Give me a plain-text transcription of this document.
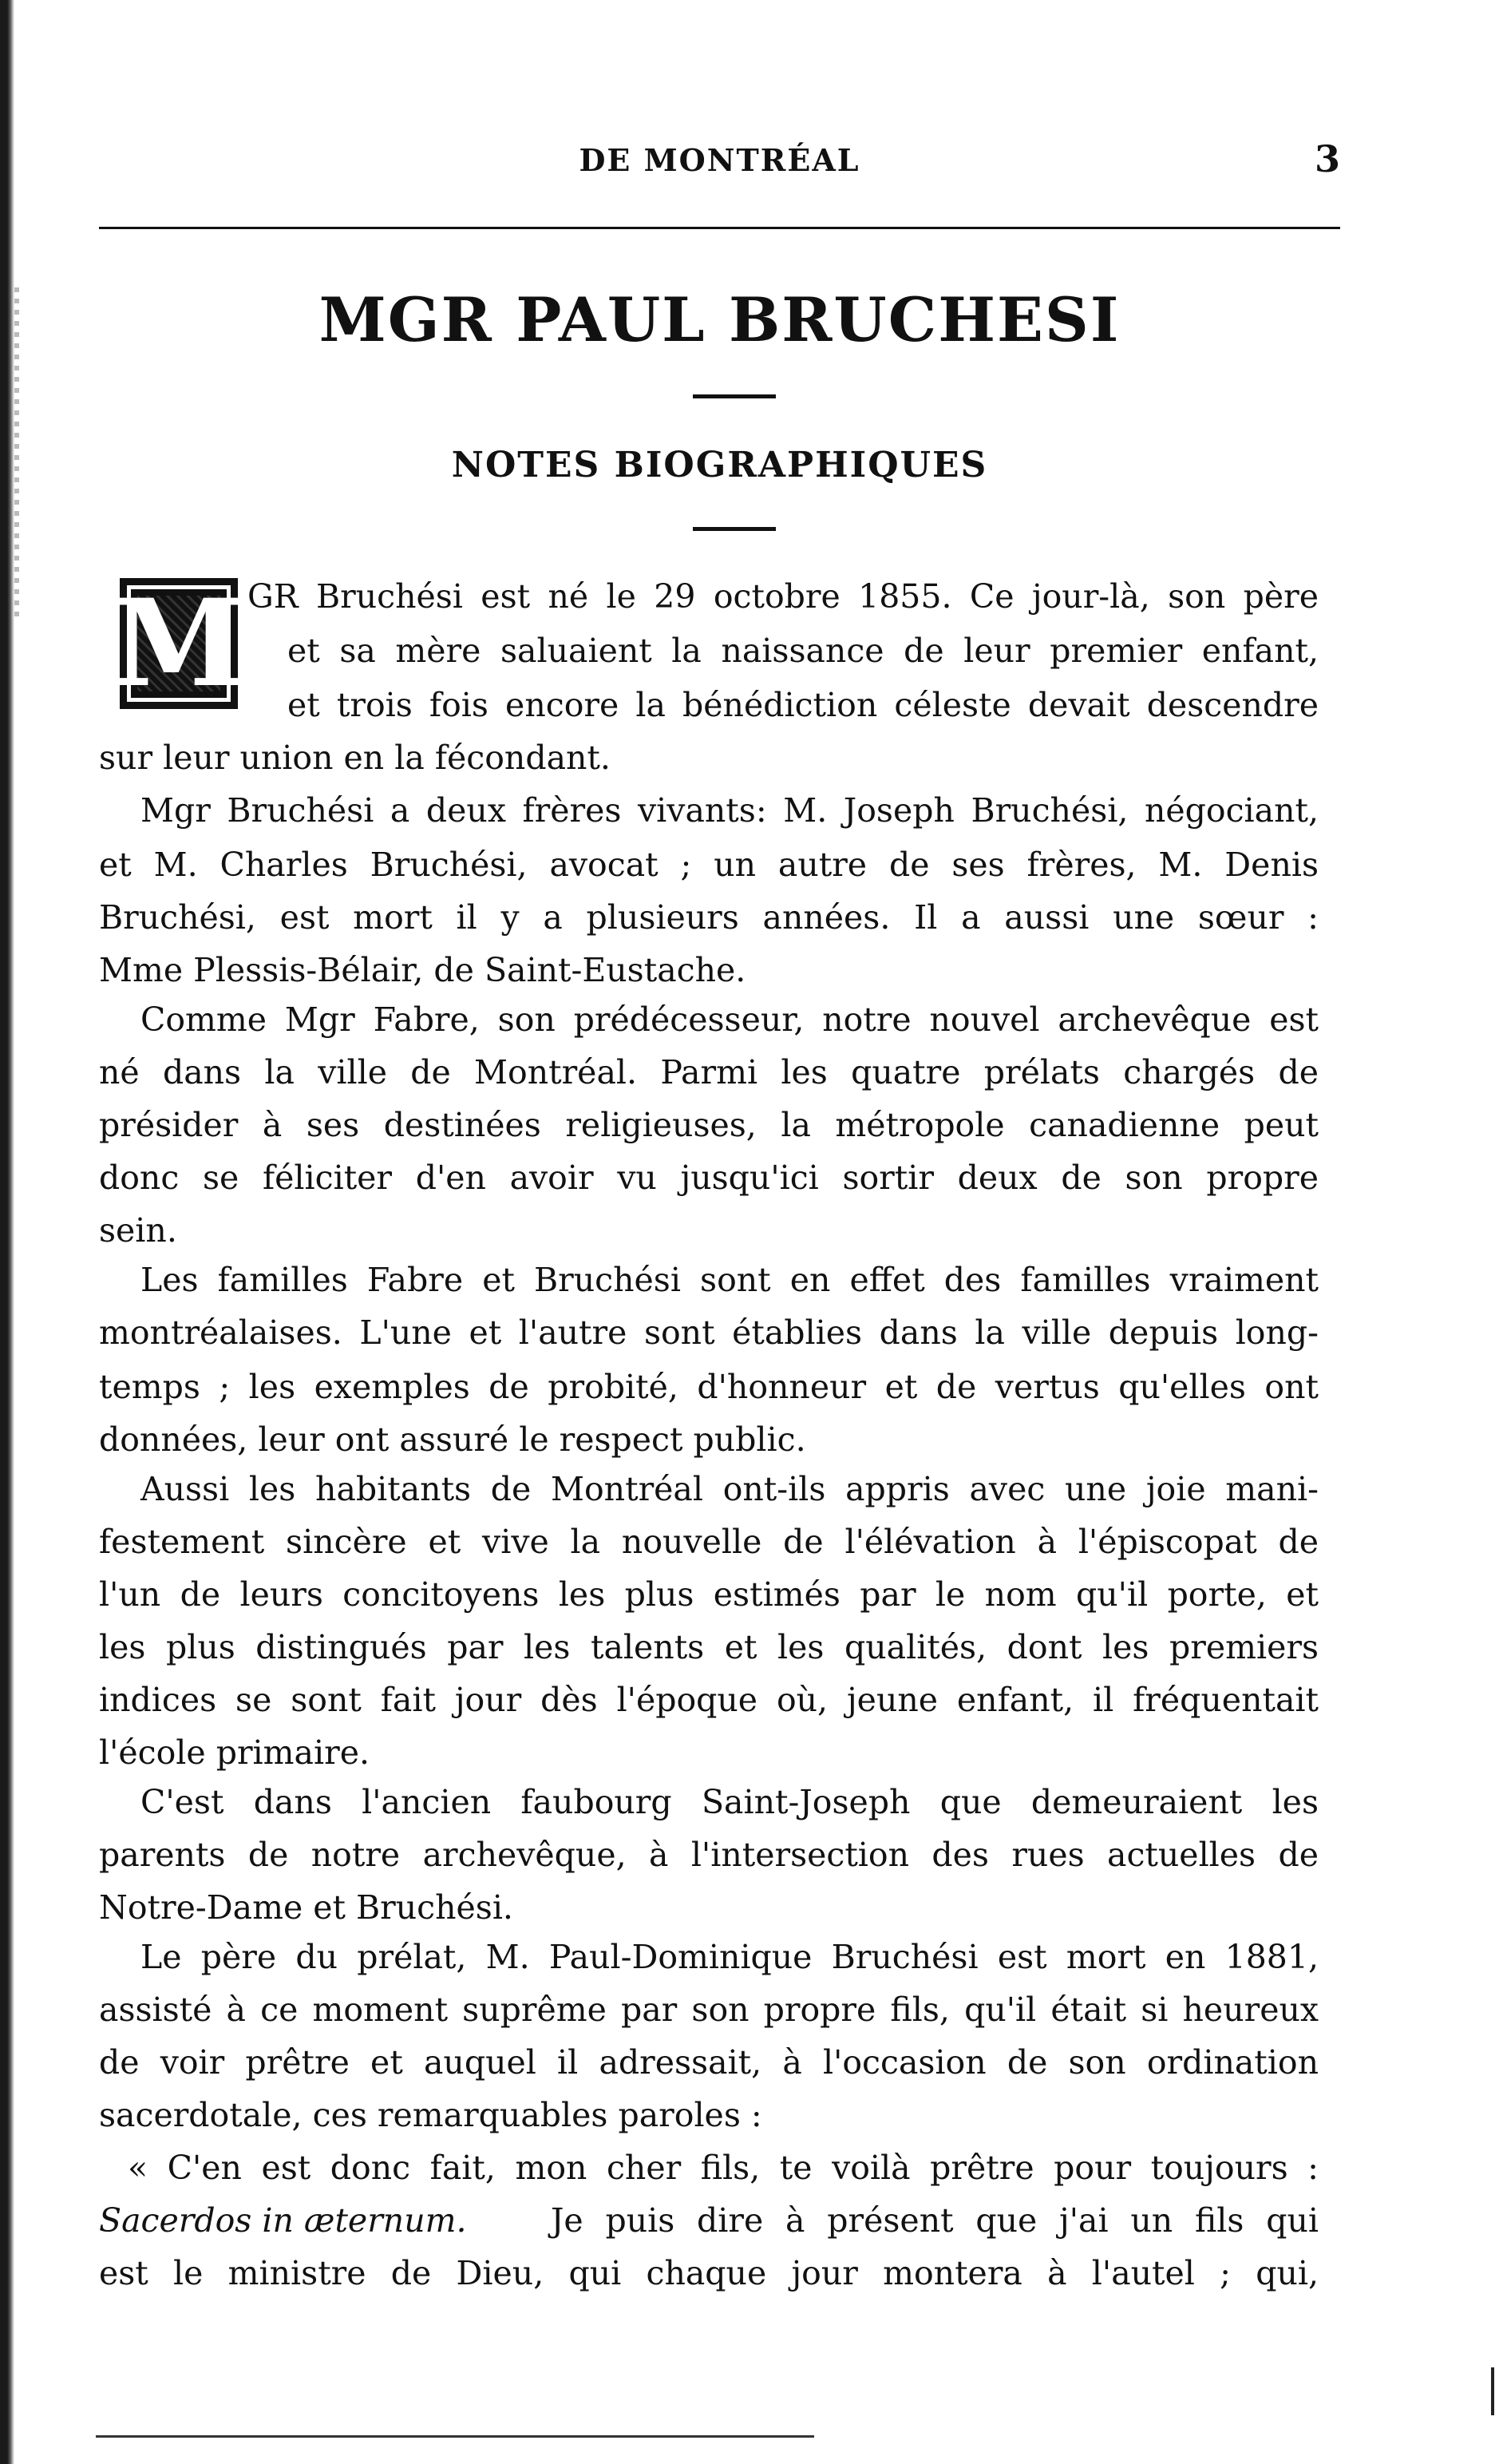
DE MONTRÉAL	3
MGR PAUL BRUCHESI
NOTES BIOGRAPHIQUES
M GR Bruchési est né le 29 octobre 1855. Ce jour-là, son père
et sa mère saluaient la naissance de leur premier enfant,
et trois fois encore la bénédiction céleste devait descendre
sur leur union en la fécondant.
Mgr Bruchési a deux frères vivants: M. Joseph Bruchési, négociant,
et M. Charles Bruchési, avocat ; un autre de ses frères, M. Denis
Bruchési, est mort il y a plusieurs années. Il a aussi une sœur :
Mme Plessis-Bélair, de Saint-Eustache.
Comme Mgr Fabre, son prédécesseur, notre nouvel archevêque est
né dans la ville de Montréal. Parmi les quatre prélats chargés de
présider à ses destinées religieuses, la métropole canadienne peut
donc se féliciter d'en avoir vu jusqu'ici sortir deux de son propre
sein.
Les familles Fabre et Bruchési sont en effet des familles vraiment
montréalaises. L'une et l'autre sont établies dans la ville depuis long-
temps ; les exemples de probité, d'honneur et de vertus qu'elles ont
données, leur ont assuré le respect public.
Aussi les habitants de Montréal ont-ils appris avec une joie mani-
festement sincère et vive la nouvelle de l'élévation à l'épiscopat de
l'un de leurs concitoyens les plus estimés par le nom qu'il porte, et
les plus distingués par les talents et les qualités, dont les premiers
indices se sont fait jour dès l'époque où, jeune enfant, il fréquentait
l'école primaire.
C'est dans l'ancien faubourg Saint-Joseph que demeuraient les
parents de notre archevêque, à l'intersection des rues actuelles de
Notre-Dame et Bruchési.
Le père du prélat, M. Paul-Dominique Bruchési est mort en 1881,
assisté à ce moment suprême par son propre fils, qu'il était si heureux
de voir prêtre et auquel il adressait, à l'occasion de son ordination
sacerdotale, ces remarquables paroles :
« C'en est donc fait, mon cher fils, te voilà prêtre pour toujours :
Sacerdos in æternum.	Je puis dire à présent que j'ai un fils qui
est le ministre de Dieu, qui chaque jour montera à l'autel ; qui,
